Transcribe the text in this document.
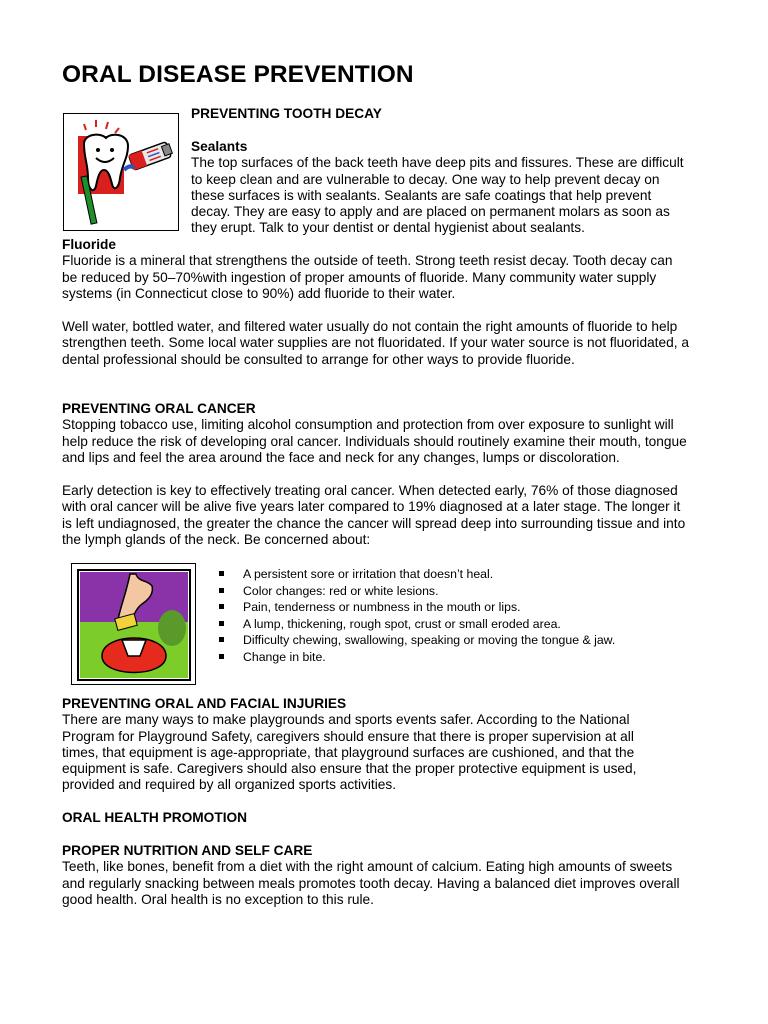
ORAL DISEASE PREVENTION

PREVENTING TOOTH DECAY

Sealants

The top surfaces of the back teeth have deep pits and fissures. These are difficult

to keep clean and are vulnerable to decay. One way to help prevent decay on

these surfaces is with sealants. Sealants are safe coatings that help prevent

decay. They are easy to apply and are placed on permanent molars as soon as

they erupt. Talk to your dentist or dental hygienist about sealants.

Fluoride

Fluoride is a mineral that strengthens the outside of teeth. Strong teeth resist decay. Tooth decay can

be reduced by 50–70%with ingestion of proper amounts of fluoride. Many community water supply

systems (in Connecticut close to 90%) add fluoride to their water.

Well water, bottled water, and filtered water usually do not contain the right amounts of fluoride to help

strengthen teeth. Some local water supplies are not fluoridated. If your water source is not fluoridated, a

dental professional should be consulted to arrange for other ways to provide fluoride.

PREVENTING ORAL CANCER

Stopping tobacco use, limiting alcohol consumption and protection from over exposure to sunlight will

help reduce the risk of developing oral cancer. Individuals should routinely examine their mouth, tongue

and lips and feel the area around the face and neck for any changes, lumps or discoloration.

Early detection is key to effectively treating oral cancer. When detected early, 76% of those diagnosed

with oral cancer will be alive five years later compared to 19% diagnosed at a later stage. The longer it

is left undiagnosed, the greater the chance the cancer will spread deep into surrounding tissue and into

the lymph glands of the neck. Be concerned about:

A persistent sore or irritation that doesn’t heal.
Color changes: red or white lesions.
Pain, tenderness or numbness in the mouth or lips.
A lump, thickening, rough spot, crust or small eroded area.
Difficulty chewing, swallowing, speaking or moving the tongue & jaw.
Change in bite.

PREVENTING ORAL AND FACIAL INJURIES

There are many ways to make playgrounds and sports events safer. According to the National

Program for Playground Safety, caregivers should ensure that there is proper supervision at all

times, that equipment is age-appropriate, that playground surfaces are cushioned, and that the

equipment is safe. Caregivers should also ensure that the proper protective equipment is used,

provided and required by all organized sports activities.

ORAL HEALTH PROMOTION

PROPER NUTRITION AND SELF CARE

Teeth, like bones, benefit from a diet with the right amount of calcium. Eating high amounts of sweets

and regularly snacking between meals promotes tooth decay. Having a balanced diet improves overall

good health. Oral health is no exception to this rule.
